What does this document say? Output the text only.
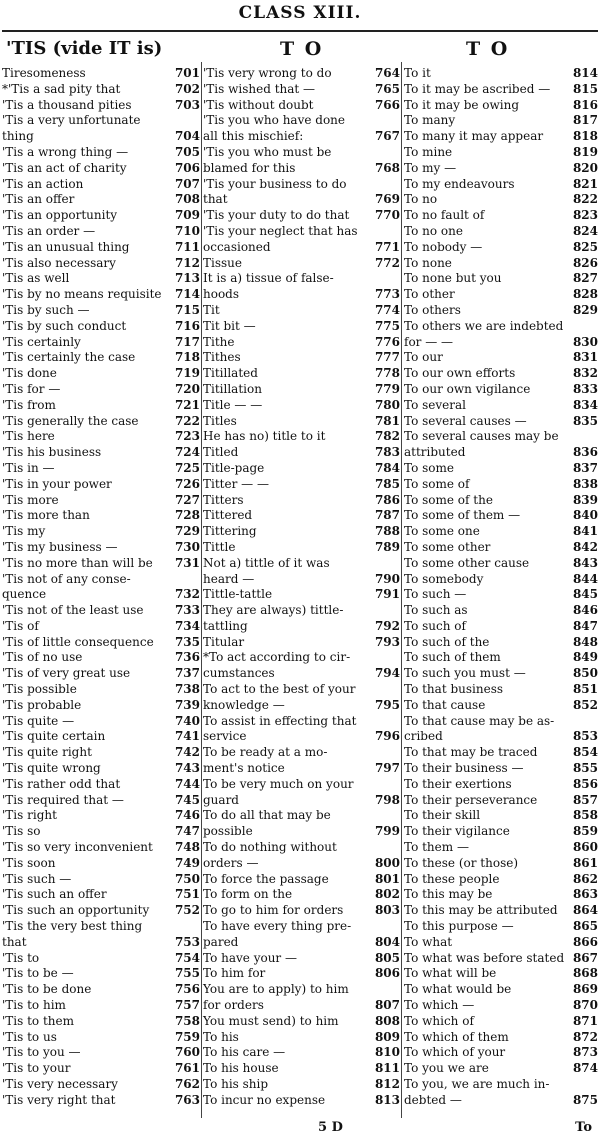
CLASS XIII.
'TIS (vide IT is)	T O	T O
Tiresomeness	701
*'Tis a sad pity that	702
'Tis a thousand pities	703
'Tis a very unfortunate
thing	704
'Tis a wrong thing —	705
'Tis an act of charity	706
'Tis an action	707
'Tis an offer	708
'Tis an opportunity	709
'Tis an order —	710
'Tis an unusual thing	711
'Tis also necessary	712
'Tis as well	713
'Tis by no means requisite	714
'Tis by such —	715
'Tis by such conduct	716
'Tis certainly	717
'Tis certainly the case	718
'Tis done	719
'Tis for —	720
'Tis from	721
'Tis generally the case	722
'Tis here	723
'Tis his business	724
'Tis in —	725
'Tis in your power	726
'Tis more	727
'Tis more than	728
'Tis my	729
'Tis my business —	730
'Tis no more than will be	731
'Tis not of any conse-
quence	732
'Tis not of the least use	733
'Tis of	734
'Tis of little consequence	735
'Tis of no use	736
'Tis of very great use	737
'Tis possible	738
'Tis probable	739
'Tis quite —	740
'Tis quite certain	741
'Tis quite right	742
'Tis quite wrong	743
'Tis rather odd that	744
'Tis required that —	745
'Tis right	746
'Tis so	747
'Tis so very inconvenient	748
'Tis soon	749
'Tis such —	750
'Tis such an offer	751
'Tis such an opportunity	752
'Tis the very best thing
that	753
'Tis to	754
'Tis to be —	755
'Tis to be done	756
'Tis to him	757
'Tis to them	758
'Tis to us	759
'Tis to you —	760
'Tis to your	761
'Tis very necessary	762
'Tis very right that	763
'Tis very wrong to do	764
'Tis wished that —	765
'Tis without doubt	766
'Tis you who have done
all this mischief:	767
'Tis you who must be
blamed for this	768
'Tis your business to do
that	769
'Tis your duty to do that	770
'Tis your neglect that has
occasioned	771
Tissue	772
It is a) tissue of false-
hoods	773
Tit	774
Tit bit —	775
Tithe	776
Tithes	777
Titillated	778
Titillation	779
Title — —	780
Titles	781
He has no) title to it	782
Titled	783
Title-page	784
Titter — —	785
Titters	786
Tittered	787
Tittering	788
Tittle	789
Not a) tittle of it was
heard —	790
Tittle-tattle	791
They are always) tittle-
tattling	792
Titular	793
*To act according to cir-
cumstances	794
To act to the best of your
knowledge —	795
To assist in effecting that
service	796
To be ready at a mo-
ment's notice	797
To be very much on your
guard	798
To do all that may be
possible	799
To do nothing without
orders —	800
To force the passage	801
To form on the	802
To go to him for orders	803
To have every thing pre-
pared	804
To have your —	805
To him for	806
You are to apply) to him
for orders	807
You must send) to him	808
To his	809
To his care —	810
To his house	811
To his ship	812
To incur no expense	813
To it	814
To it may be ascribed —	815
To it may be owing	816
To many	817
To many it may appear	818
To mine	819
To my —	820
To my endeavours	821
To no	822
To no fault of	823
To no one	824
To nobody —	825
To none	826
To none but you	827
To other	828
To others	829
To others we are indebted
for — —	830
To our	831
To our own efforts	832
To our own vigilance	833
To several	834
To several causes —	835
To several causes may be
attributed	836
To some	837
To some of	838
To some of the	839
To some of them —	840
To some one	841
To some other	842
To some other cause	843
To somebody	844
To such —	845
To such as	846
To such of	847
To such of the	848
To such of them	849
To such you must —	850
To that business	851
To that cause	852
To that cause may be as-
cribed	853
To that may be traced	854
To their business —	855
To their exertions	856
To their perseverance	857
To their skill	858
To their vigilance	859
To them —	860
To these (or those)	861
To these people	862
To this may be	863
To this may be attributed	864
To this purpose —	865
To what	866
To what was before stated 867
To what will be	868
To what would be	869
To which —	870
To which of	871
To which of them	872
To which of your	873
To you we are	874
To you, we are much in-
debted —	875
5 D	To
